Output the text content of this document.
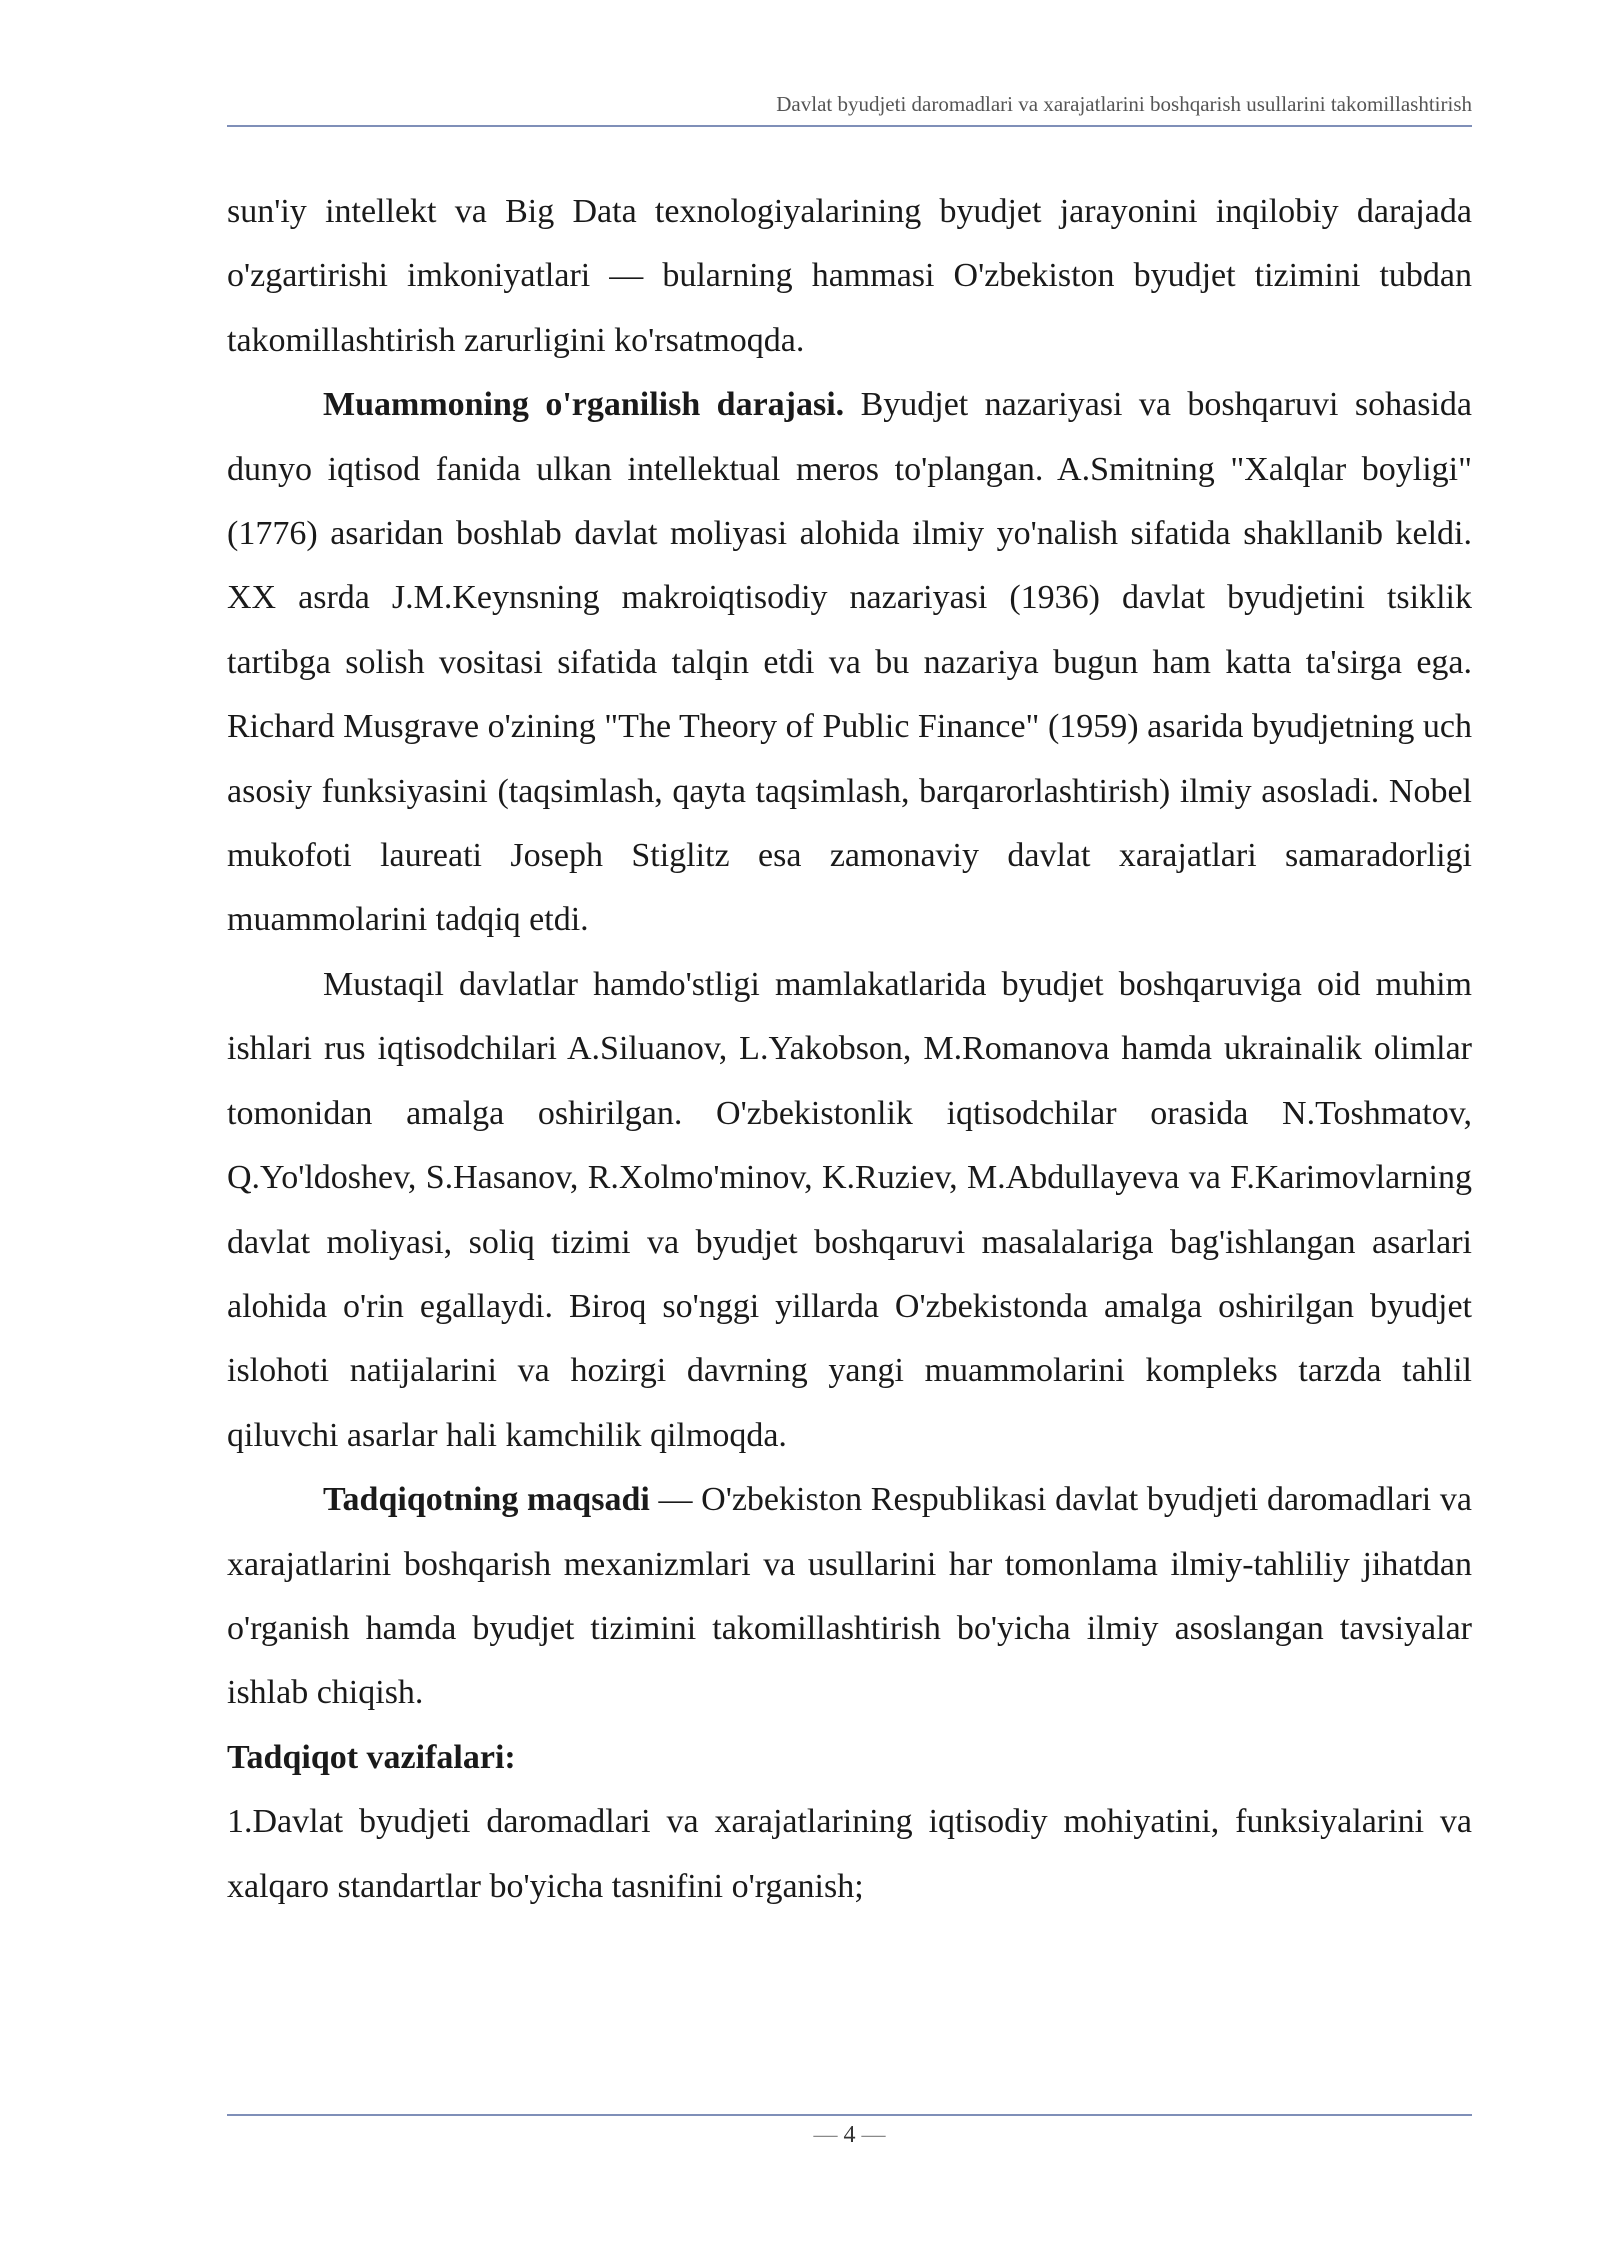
Davlat byudjeti daromadlari va xarajatlarini boshqarish usullarini takomillashtirish

sun'iy intellekt va Big Data texnologiyalarining byudjet jarayonini inqilobiy darajada o'zgartirishi imkoniyatlari — bularning hammasi O'zbekiston byudjet tizimini tubdan takomillashtirish zarurligini ko'rsatmoqda.

Muammoning o'rganilish darajasi. Byudjet nazariyasi va boshqaruvi sohasida dunyo iqtisod fanida ulkan intellektual meros to'plangan. A.Smitning "Xalqlar boyligi" (1776) asaridan boshlab davlat moliyasi alohida ilmiy yo'nalish sifatida shakllanib keldi. XX asrda J.M.Keynsning makroiqtisodiy nazariyasi (1936) davlat byudjetini tsiklik tartibga solish vositasi sifatida talqin etdi va bu nazariya bugun ham katta ta'sirga ega. Richard Musgrave o'zining "The Theory of Public Finance" (1959) asarida byudjetning uch asosiy funksiyasini (taqsimlash, qayta taqsimlash, barqarorlashtirish) ilmiy asosladi. Nobel mukofoti laureati Joseph Stiglitz esa zamonaviy davlat xarajatlari samaradorligi muammolarini tadqiq etdi.

Mustaqil davlatlar hamdo'stligi mamlakatlarida byudjet boshqaruviga oid muhim ishlari rus iqtisodchilari A.Siluanov, L.Yakobson, M.Romanova hamda ukrainalik olimlar tomonidan amalga oshirilgan. O'zbekistonlik iqtisodchilar orasida N.Toshmatov, Q.Yo'ldoshev, S.Hasanov, R.Xolmo'minov, K.Ruziev, M.Abdullayeva va F.Karimovlarning davlat moliyasi, soliq tizimi va byudjet boshqaruvi masalalariga bag'ishlangan asarlari alohida o'rin egallaydi. Biroq so'nggi yillarda O'zbekistonda amalga oshirilgan byudjet islohoti natijalarini va hozirgi davrning yangi muammolarini kompleks tarzda tahlil qiluvchi asarlar hali kamchilik qilmoqda.

Tadqiqotning maqsadi — O'zbekiston Respublikasi davlat byudjeti daromadlari va xarajatlarini boshqarish mexanizmlari va usullarini har tomonlama ilmiy-tahliliy jihatdan o'rganish hamda byudjet tizimini takomillashtirish bo'yicha ilmiy asoslangan tavsiyalar ishlab chiqish.

Tadqiqot vazifalari:

1.Davlat byudjeti daromadlari va xarajatlarining iqtisodiy mohiyatini, funksiyalarini va xalqaro standartlar bo'yicha tasnifini o'rganish;

— 4 —
